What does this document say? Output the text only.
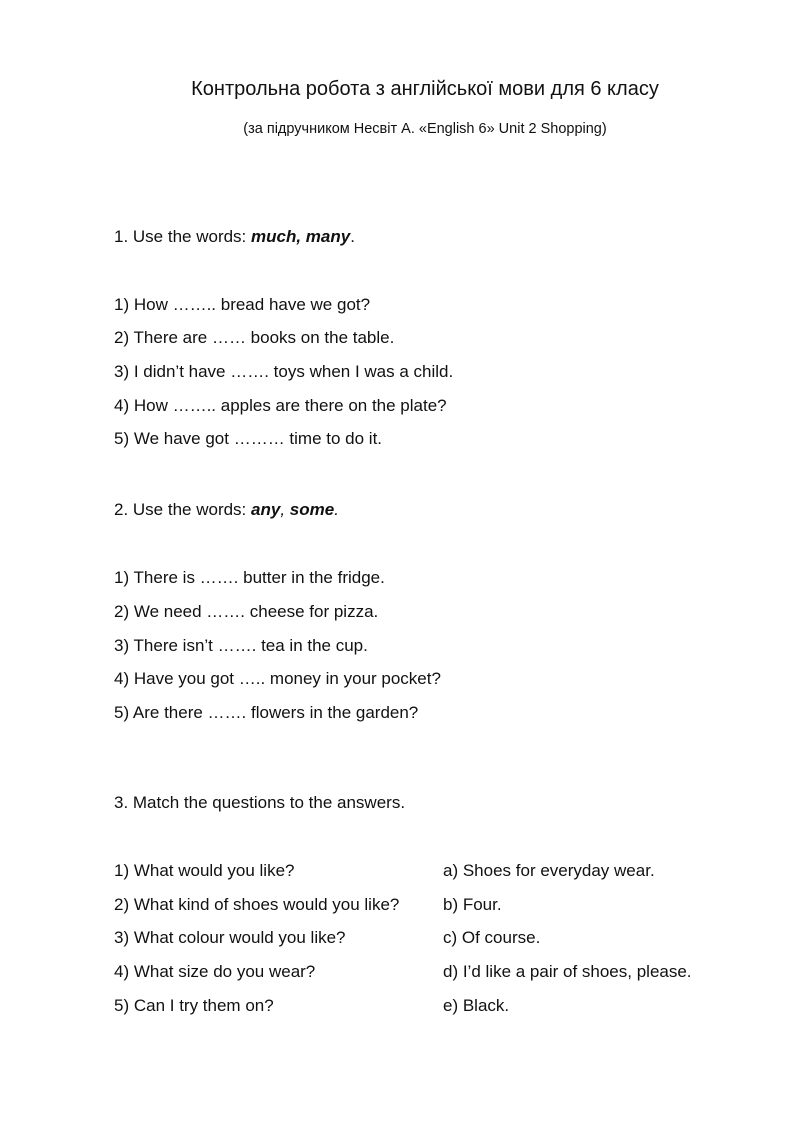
Контрольна робота з англійської мови для 6 класу
(за підручником Несвіт А. «English 6» Unit 2 Shopping)
1. Use the words: much, many.
1) How …….. bread have we got?
2) There are …… books on the table.
3) I didn’t have ……. toys when I was a child.
4) How …….. apples are there on the plate?
5) We have got ……… time to do it.
2. Use the words: any, some.
1) There is ……. butter in the fridge.
2) We need ……. cheese for pizza.
3) There isn’t ……. tea in the cup.
4) Have you got ….. money in your pocket?
5) Are there ……. flowers in the garden?
3. Match the questions to the answers.
1) What would you like?	a) Shoes for everyday wear.
2) What kind of shoes would you like?	b) Four.
3) What colour would you like?	c) Of course.
4) What size do you wear?	d) I’d like a pair of shoes, please.
5) Can I try them on?	e) Black.
